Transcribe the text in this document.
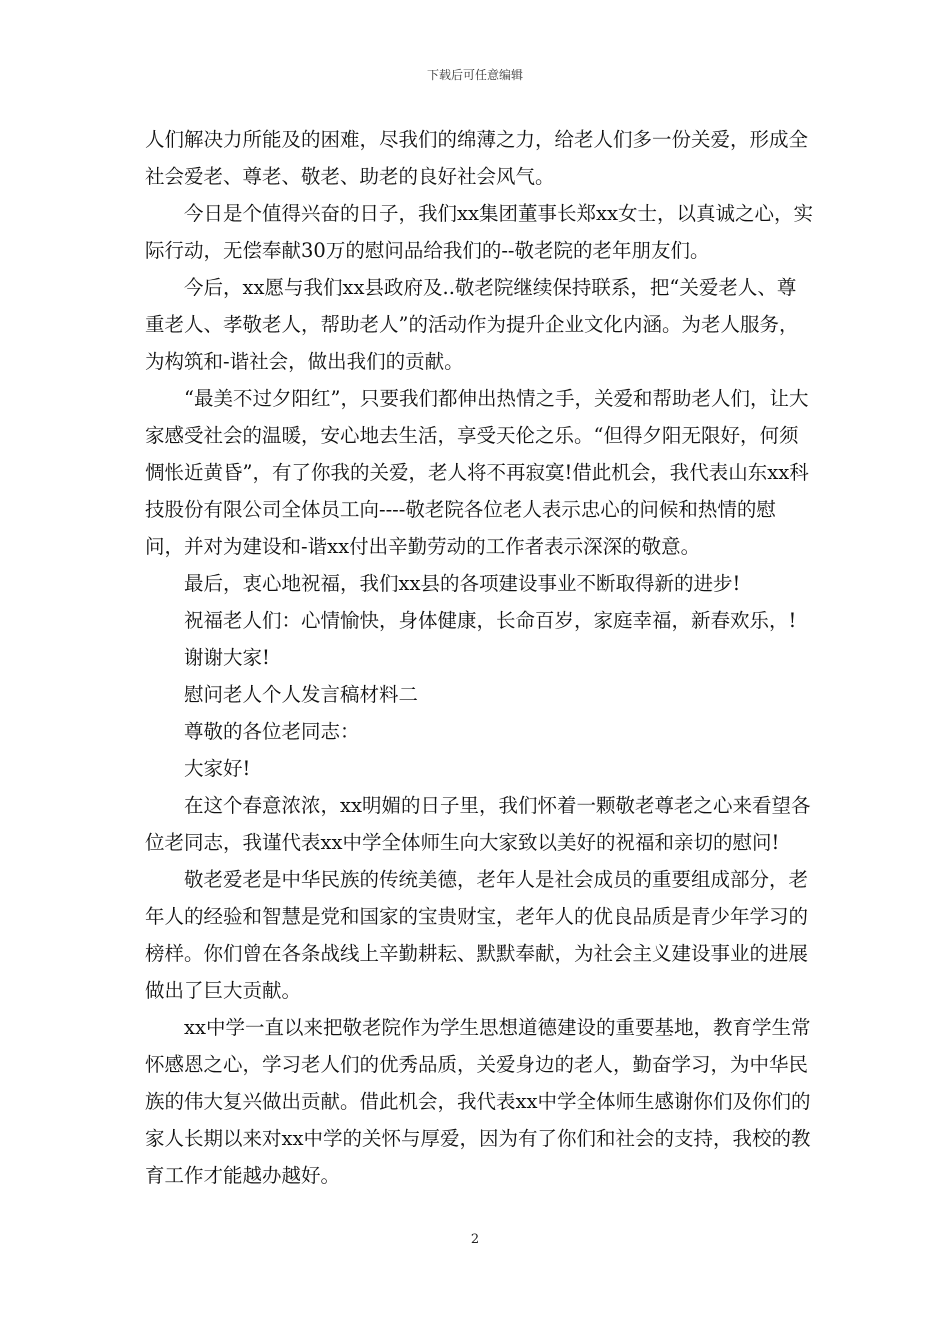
下载后可任意编辑

人们解决力所能及的困难，尽我们的绵薄之力，给老人们多一份关爱，形成全社会爱老、尊老、敬老、助老的良好社会风气。

今日是个值得兴奋的日子，我们xx集团董事长郑xx女士，以真诚之心，实际行动，无偿奉献30万的慰问品给我们的--敬老院的老年朋友们。

今后，xx愿与我们xx县政府及..敬老院继续保持联系，把“关爱老人、尊重老人、孝敬老人，帮助老人”的活动作为提升企业文化内涵。为老人服务，为构筑和-谐社会，做出我们的贡献。

“最美不过夕阳红”，只要我们都伸出热情之手，关爱和帮助老人们，让大家感受社会的温暖，安心地去生活，享受天伦之乐。“但得夕阳无限好，何须惆怅近黄昏”，有了你我的关爱，老人将不再寂寞!借此机会，我代表山东xx科技股份有限公司全体员工向----敬老院各位老人表示忠心的问候和热情的慰问，并对为建设和-谐xx付出辛勤劳动的工作者表示深深的敬意。

最后，衷心地祝福，我们xx县的各项建设事业不断取得新的进步!

祝福老人们：心情愉快，身体健康，长命百岁，家庭幸福，新春欢乐，!

谢谢大家!

慰问老人个人发言稿材料二

尊敬的各位老同志：

大家好!

在这个春意浓浓，xx明媚的日子里，我们怀着一颗敬老尊老之心来看望各位老同志，我谨代表xx中学全体师生向大家致以美好的祝福和亲切的慰问!

敬老爱老是中华民族的传统美德，老年人是社会成员的重要组成部分，老年人的经验和智慧是党和国家的宝贵财宝，老年人的优良品质是青少年学习的榜样。你们曾在各条战线上辛勤耕耘、默默奉献，为社会主义建设事业的进展做出了巨大贡献。

xx中学一直以来把敬老院作为学生思想道德建设的重要基地，教育学生常怀感恩之心，学习老人们的优秀品质，关爱身边的老人，勤奋学习，为中华民族的伟大复兴做出贡献。借此机会，我代表xx中学全体师生感谢你们及你们的家人长期以来对xx中学的关怀与厚爱，因为有了你们和社会的支持，我校的教育工作才能越办越好。

2
